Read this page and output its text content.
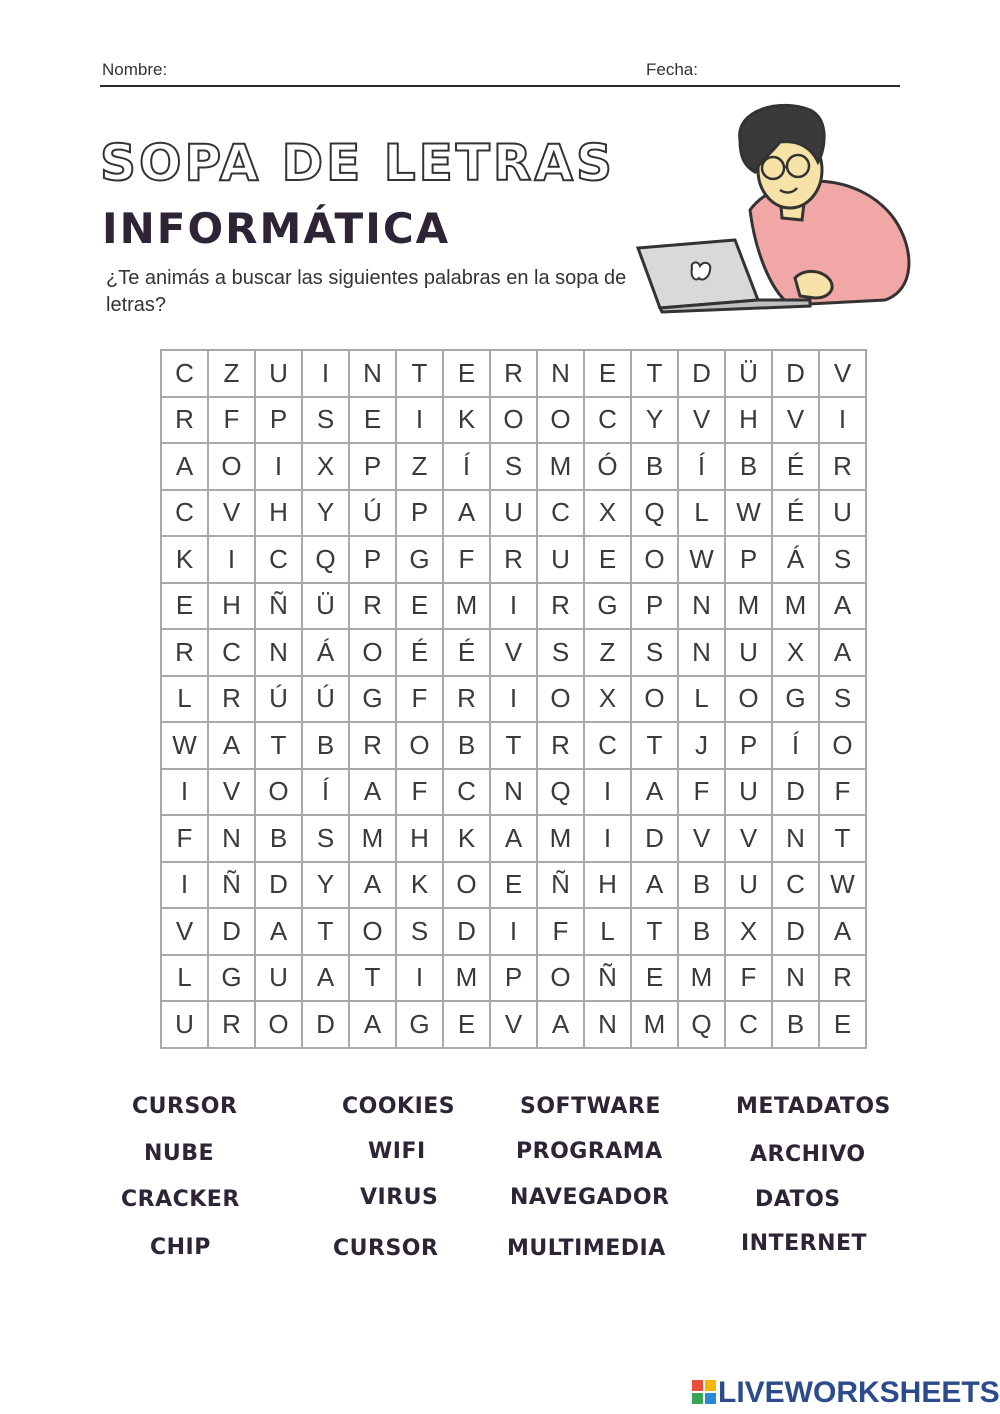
Nombre:	Fecha:
SOPA DE LETRAS
INFORMÁTICA
¿Te animás a buscar las siguientes palabras en la sopa de letras?
C	Z	U	I	N	T	E	R	N	E	T	D	Ü	D	V
R	F	P	S	E	I	K	O	O	C	Y	V	H	V	I
A	O	I	X	P	Z	Í	S	M	Ó	B	Í	B	É	R
C	V	H	Y	Ú	P	A	U	C	X	Q	L	W	É	U
K	I	C	Q	P	G	F	R	U	E	O	W	P	Á	S
E	H	Ñ	Ü	R	E	M	I	R	G	P	N	M	M	A
R	C	N	Á	O	É	É	V	S	Z	S	N	U	X	A
L	R	Ú	Ú	G	F	R	I	O	X	O	L	O	G	S
W	A	T	B	R	O	B	T	R	C	T	J	P	Í	O
I	V	O	Í	A	F	C	N	Q	I	A	F	U	D	F
F	N	B	S	M	H	K	A	M	I	D	V	V	N	T
I	Ñ	D	Y	A	K	O	E	Ñ	H	A	B	U	C	W
V	D	A	T	O	S	D	I	F	L	T	B	X	D	A
L	G	U	A	T	I	M	P	O	Ñ	E	M	F	N	R
U	R	O	D	A	G	E	V	A	N	M	Q	C	B	E
CURSOR	COOKIES	SOFTWARE	METADATOS
NUBE	WIFI	PROGRAMA	ARCHIVO
CRACKER	VIRUS	NAVEGADOR	DATOS
CHIP	CURSOR	MULTIMEDIA	INTERNET
LIVEWORKSHEETS
